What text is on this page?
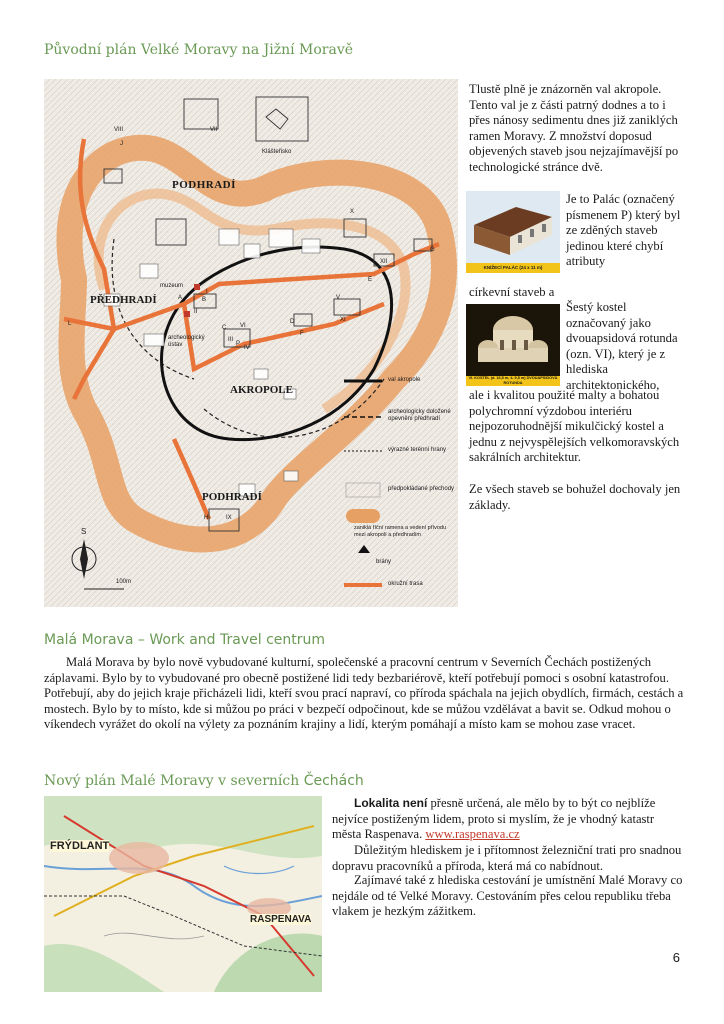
Původní plán Velké Moravy na Jižní Moravě
PODHRADÍ
PŘEDHRADÍ
AKROPOLE
PODHRADÍ
Klášteřisko
muzeum
archeologický ústav
VIII	VII
I
II
III
IV
V
VI
IX
X
XI
XII
J
G
A	B
C
D
E
F
H
L
P
val akropole
archeologicky doložené opevnění předhradí
výrazné terénní hrany
předpokládané přechody
zaniklá říční ramena a vedení přívodu mezi akropolí a předhradím
brány
okružní trasa
S
100m
Tlustě plně je znázorněn val akropole. Tento val je z části patrný dodnes a to i přes nánosy sedimentu dnes již zaniklých ramen Moravy. Z množství doposud objevených staveb jsou nejzajímavější po technologické stránce dvě.
KNÍŽECÍ PALÁC (24 x 11 m)
Je to Palác (označený písmenem P) který byl ze zděných staveb jedinou které chybí atributy
církevní staveb a
VI. KOSTEL (d. 16,5 m, š. 9,5 m) DVOUAPSIDOVÁ ROTUNDA
Šestý kostel označovaný jako dvouapsidová rotunda (ozn. VI), který je z hlediska architektonického,
ale i kvalitou použité malty a bohatou polychromní výzdobou interiéru nejpozoruhodnější mikulčický kostel a jednu z nejvyspělejších velkomoravských sakrálních architektur.
Ze všech staveb se bohužel dochovaly jen základy.
Malá Morava – Work and Travel centrum
Malá Morava by bylo nově vybudované kulturní, společenské a pracovní centrum v Severních Čechách postižených záplavami. Bylo by to vybudované pro obecně postižené lidi tedy bezbariérově, kteří potřebují pomoci s osobní katastrofou. Potřebují, aby do jejich kraje přicházeli lidi, kteří svou prací napraví, co příroda spáchala na jejich obydlích, firmách, cestách a mostech. Bylo by to místo, kde si můžou po práci v bezpečí odpočinout, kde se můžou vzdělávat a bavit se. Odkud mohou o víkendech vyrážet do okolí na výlety za poznáním krajiny a lidí, kterým pomáhají a místo kam se mohou zase vracet.
Nový plán Malé Moravy v severních Čechách
FRÝDLANT
RASPENAVA
Lokalita není přesně určená, ale mělo by to být co nejblíže nejvíce postiženým lidem, proto si myslím, že je vhodný katastr města Raspenava. www.raspenava.cz
Důležitým hlediskem je i přítomnost železniční trati pro snadnou dopravu pracovníků a příroda, která má co nabídnout.
Zajímavé také z hlediska cestování je umístnění Malé Moravy co nejdále od té Velké Moravy. Cestováním přes celou republiku třeba vlakem je hezkým zážitkem.
6
